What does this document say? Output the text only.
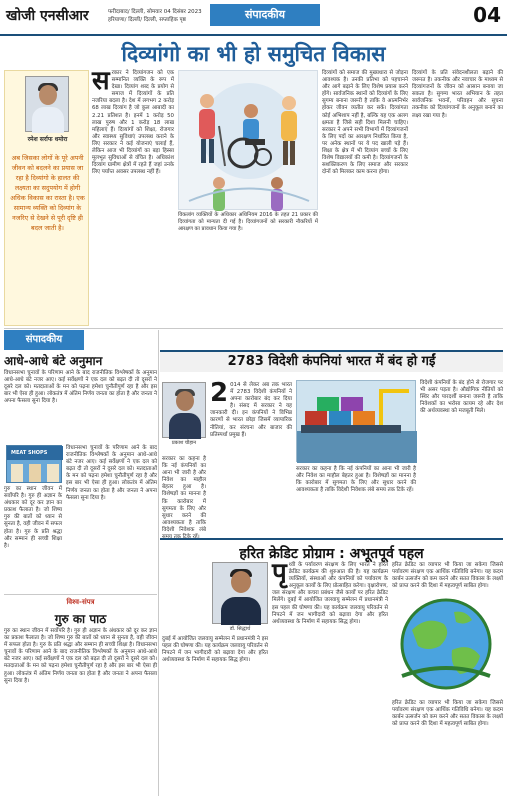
खोजी एनसीआर	फरीदाबाद/ दिल्ली, सोमवार 04 दिसंबर 2023
हरियाणा/ दिल्ली/ दिल्ली, सप्ताहिक पृष्ठ	संपादकीय	04
दिव्यांगो का भी हो समुचित विकास
रमेश सर्राफ धमोरा
अब जिसका लोगों के पूरे अपनी जीवन को बदलने का प्रयास जा रहा है दिव्यांगो के हालत की लक्ष्यता का सदुपयोग में होगी अधिक विकास का रास्ता है। एक सामान्य व्यक्ति को दिव्यांग के नजरिए से देखने से पूरी दृष्टि ही बदल जाती है।
सरकार ने दिव्यांगजन को एक सम्मानित व्यक्ति के रूप में देखा। दिव्यांग शब्द के प्रयोग से समाज में दिव्यांगों के प्रति नजरिया बदला है। देश में लगभग 2 करोड़ 68 लाख दिव्यांग है जो कुल आबादी का 2.21 प्रतिशत है। इनमें 1 करोड़ 50 लाख पुरुष और 1 करोड़ 18 लाख महिलाएं हैं। दिव्यांगों को शिक्षा, रोजगार और स्वास्थ्य सुविधाएं उपलब्ध कराने के लिए सरकार ने कई योजनाएं चलाई हैं, लेकिन आज भी दिव्यांगों का बड़ा हिस्सा मूलभूत सुविधाओं से वंचित है। अधिकांश दिव्यांग ग्रामीण क्षेत्रों में रहते हैं जहां उनके लिए पर्याप्त अवसर उपलब्ध नहीं हैं।
विकलांग व्यक्तियों के अधिकार अधिनियम 2016 के तहत 21 प्रकार की दिव्यांगता को मान्यता दी गई है। दिव्यांगजनों को सरकारी नौकरियों में आरक्षण का प्रावधान किया गया है।
दिव्यांगों को समाज की मुख्यधारा से जोड़ना आवश्यक है। उनकी प्रतिभा को पहचानने और आगे बढ़ाने के लिए विशेष प्रयास करने होंगे। सार्वजनिक स्थानों को दिव्यांगों के लिए सुगम्य बनाना जरूरी है ताकि वे आत्मनिर्भर होकर जीवन व्यतीत कर सकें। दिव्यांगता कोई अभिशाप नहीं है, बल्कि यह एक अलग क्षमता है जिसे सही दिशा मिलनी चाहिए। सरकार ने अपने सभी विभागों में दिव्यांगजनों के लिए पदों का आरक्षण निर्धारित किया है, पर अनेक स्थानों पर ये पद खाली पड़े हैं। शिक्षा के क्षेत्र में भी दिव्यांग बच्चों के लिए विशेष विद्यालयों की कमी है। दिव्यांगजनों के सशक्तिकरण के लिए समाज और सरकार दोनों को मिलकर काम करना होगा।
दिव्यांगों के प्रति संवेदनशीलता बढ़ाने की जरूरत है। तकनीक और नवाचार के माध्यम से दिव्यांगजनों के जीवन को आसान बनाया जा सकता है। सुगम्य भारत अभियान के तहत सार्वजनिक भवनों, परिवहन और सूचना तकनीक को दिव्यांगजनों के अनुकूल बनाने का लक्ष्य रखा गया है।
संपादकीय
आधे-आधे बंटे अनुमान
विधानसभा चुनावों के परिणाम आने के बाद राजनीतिक विश्लेषकों के अनुमान आधे-आधे बंटे नजर आए। कई सर्वेक्षणों ने एक दल को बढ़त दी तो दूसरों ने दूसरे दल को। मतदाताओं के मन को पढ़ना हमेशा चुनौतीपूर्ण रहा है और इस बार भी ऐसा ही हुआ। लोकतंत्र में अंतिम निर्णय जनता का होता है और जनता ने अपना फैसला सुना दिया है।
MEAT SHOPS
विधानसभा चुनावों के परिणाम आने के बाद राजनीतिक विश्लेषकों के अनुमान आधे-आधे बंटे नजर आए। कई सर्वेक्षणों ने एक दल को बढ़त दी तो दूसरों ने दूसरे दल को। मतदाताओं के मन को पढ़ना हमेशा चुनौतीपूर्ण रहा है और इस बार भी ऐसा ही हुआ। लोकतंत्र में अंतिम निर्णय जनता का होता है और जनता ने अपना फैसला सुना दिया है।
गुरु का स्थान जीवन में सर्वोपरि है। गुरु ही अज्ञान के अंधकार को दूर कर ज्ञान का प्रकाश फैलाता है। जो शिष्य गुरु की बातों को ध्यान से सुनता है, वही जीवन में सफल होता है। गुरु के प्रति श्रद्धा और सम्मान ही सच्ची शिक्षा है।
विश्व-संपत्र
गुरु का पाठ
गुरु का स्थान जीवन में सर्वोपरि है। गुरु ही अज्ञान के अंधकार को दूर कर ज्ञान का प्रकाश फैलाता है। जो शिष्य गुरु की बातों को ध्यान से सुनता है, वही जीवन में सफल होता है। गुरु के प्रति श्रद्धा और सम्मान ही सच्ची शिक्षा है। विधानसभा चुनावों के परिणाम आने के बाद राजनीतिक विश्लेषकों के अनुमान आधे-आधे बंटे नजर आए। कई सर्वेक्षणों ने एक दल को बढ़त दी तो दूसरों ने दूसरे दल को। मतदाताओं के मन को पढ़ना हमेशा चुनौतीपूर्ण रहा है और इस बार भी ऐसा ही हुआ। लोकतंत्र में अंतिम निर्णय जनता का होता है और जनता ने अपना फैसला सुना दिया है।
2783 विदेशी कंपनियां भारत में बंद हो गईं
प्रकाश चौहान
2 014 से लेकर अब तक भारत में 2783 विदेशी कंपनियों ने अपना कारोबार बंद कर दिया है। संसद में सरकार ने यह जानकारी दी। इन कंपनियों ने विभिन्न कारणों से भारत छोड़ा जिसमें व्यापारिक नीतियां, कर संरचना और बाजार की प्रतिस्पर्धा प्रमुख हैं।
सरकार का कहना है कि नई कंपनियों का आना भी जारी है और निवेश का माहौल बेहतर हुआ है। विशेषज्ञों का मानना है कि कारोबार में सुगमता के लिए और सुधार करने की आवश्यकता है ताकि विदेशी निवेशक लंबे समय तक टिके रहें।
सरकार का कहना है कि नई कंपनियों का आना भी जारी है और निवेश का माहौल बेहतर हुआ है। विशेषज्ञों का मानना है कि कारोबार में सुगमता के लिए और सुधार करने की आवश्यकता है ताकि विदेशी निवेशक लंबे समय तक टिके रहें।
विदेशी कंपनियों के बंद होने से रोजगार पर भी असर पड़ता है। औद्योगिक नीतियों को स्थिर और पारदर्शी बनाना जरूरी है ताकि निवेशकों का भरोसा कायम रहे और देश की अर्थव्यवस्था को मजबूती मिले।
हरित क्रेडिट प्रोग्राम : अभूतपूर्व पहल
डॉ. सिद्धार्थ
पृथ्वी के पर्यावरण संरक्षण के लिए भारत ने हरित क्रेडिट कार्यक्रम की शुरुआत की है। यह कार्यक्रम व्यक्तियों, संस्थाओं और कंपनियों को पर्यावरण के अनुकूल कार्यों के लिए प्रोत्साहित करेगा। वृक्षारोपण, जल संरक्षण और कचरा प्रबंधन जैसे कार्यों पर हरित क्रेडिट मिलेंगे। दुबई में आयोजित जलवायु सम्मेलन में प्रधानमंत्री ने इस पहल की घोषणा की। यह कार्यक्रम जलवायु परिवर्तन से निपटने में जन भागीदारी को बढ़ावा देगा और हरित अर्थव्यवस्था के निर्माण में सहायक सिद्ध होगा।
दुबई में आयोजित जलवायु सम्मेलन में प्रधानमंत्री ने इस पहल की घोषणा की। यह कार्यक्रम जलवायु परिवर्तन से निपटने में जन भागीदारी को बढ़ावा देगा और हरित अर्थव्यवस्था के निर्माण में सहायक सिद्ध होगा।
हरित क्रेडिट का व्यापार भी किया जा सकेगा जिससे पर्यावरण संरक्षण एक आर्थिक गतिविधि बनेगा। यह कदम कार्बन उत्सर्जन को कम करने और सतत विकास के लक्ष्यों को प्राप्त करने की दिशा में महत्वपूर्ण साबित होगा।
हरित क्रेडिट का व्यापार भी किया जा सकेगा जिससे पर्यावरण संरक्षण एक आर्थिक गतिविधि बनेगा। यह कदम कार्बन उत्सर्जन को कम करने और सतत विकास के लक्ष्यों को प्राप्त करने की दिशा में महत्वपूर्ण साबित होगा।
